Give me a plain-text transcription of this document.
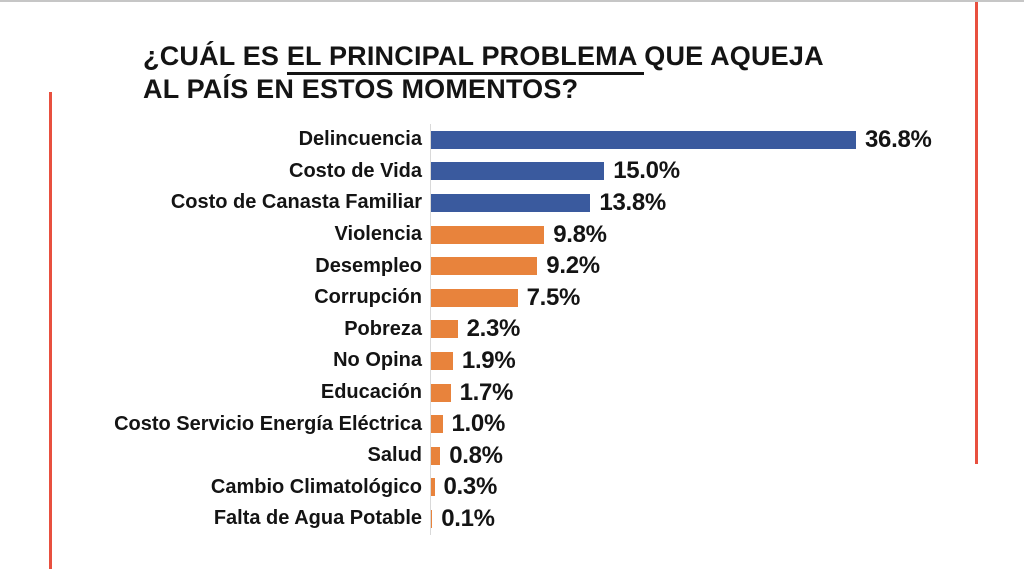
¿CUÁL ES EL PRINCIPAL PROBLEMA QUE AQUEJA AL PAÍS EN ESTOS MOMENTOS?
Delincuencia	36.8%
Costo de Vida	15.0%
Costo de Canasta Familiar	13.8%
Violencia	9.8%
Desempleo	9.2%
Corrupción	7.5%
Pobreza	2.3%
No Opina	1.9%
Educación	1.7%
Costo Servicio Energía Eléctrica	1.0%
Salud	0.8%
Cambio Climatológico 0.3%
Falta de Agua Potable 0.1%
